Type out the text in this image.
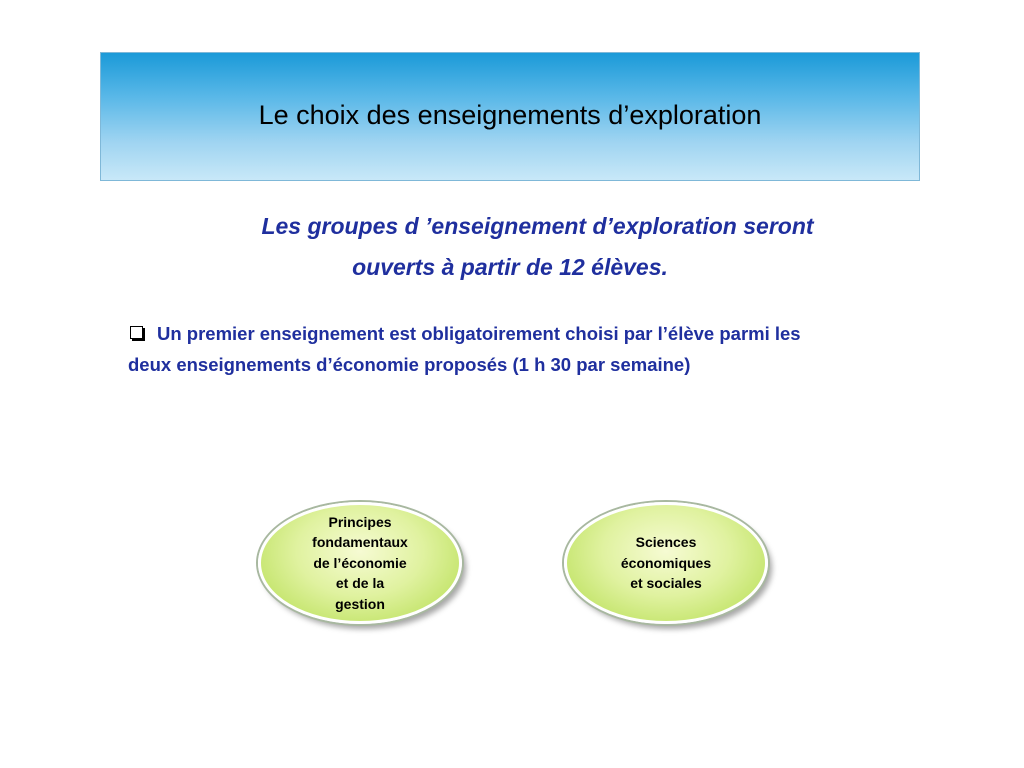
Le choix des enseignements d’exploration
Les groupes d ’enseignement d’exploration seront
ouverts à partir de 12 élèves.
Un premier enseignement est obligatoirement choisi par l’élève parmi les
deux enseignements d’économie proposés (1 h 30 par semaine)
Principes
fondamentaux
de l’économie
et de la
gestion
Sciences
économiques
et sociales
